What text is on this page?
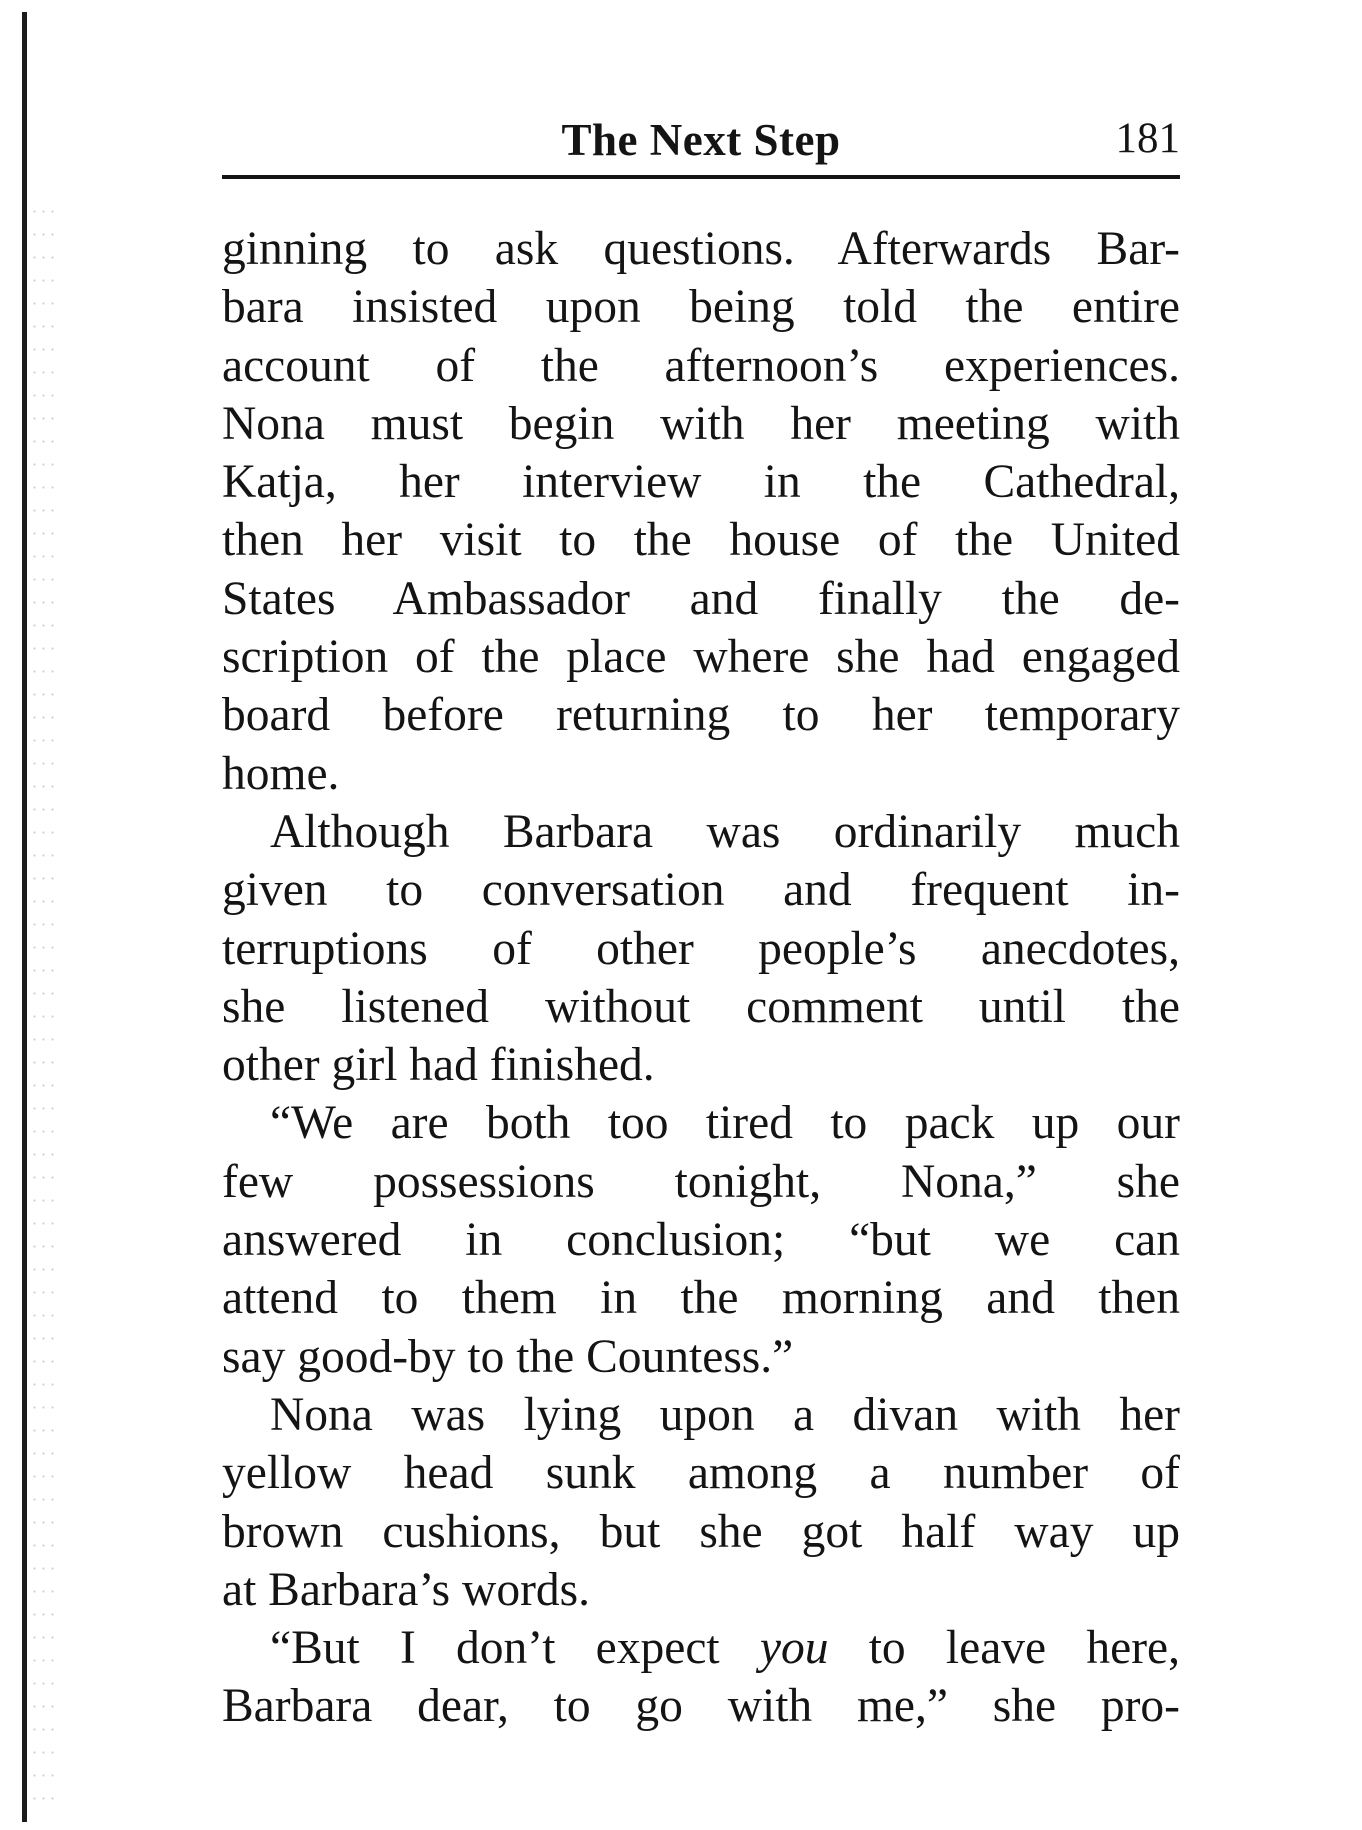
The Next Step	181
ginning to ask questions. Afterwards Bar-
bara insisted upon being told the entire
account of the afternoon’s experiences.
Nona must begin with her meeting with
Katja, her interview in the Cathedral,
then her visit to the house of the United
States Ambassador and finally the de-
scription of the place where she had engaged
board before returning to her temporary
home.
Although Barbara was ordinarily much
given to conversation and frequent in-
terruptions of other people’s anecdotes,
she listened without comment until the
other girl had finished.
“We are both too tired to pack up our
few possessions tonight, Nona,” she
answered in conclusion; “but we can
attend to them in the morning and then
say good-by to the Countess.”
Nona was lying upon a divan with her
yellow head sunk among a number of
brown cushions, but she got half way up
at Barbara’s words.
“But I don’t expect you to leave here,
Barbara dear, to go with me,” she pro-
